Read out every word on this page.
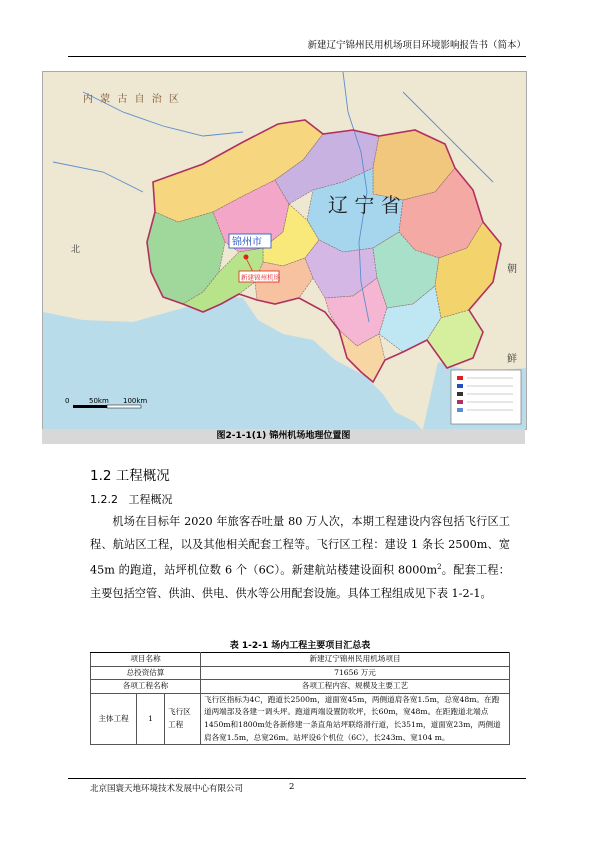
新建辽宁锦州民用机场项目环境影响报告书（简本）
内 蒙 古 自 治 区
辽 宁 省
朝
鲜
北
锦州市
新建锦州机场
0	50km 100km
图2-1-1(1) 锦州机场地理位置图
1.2 工程概况
1.2.2 工程概况
机场在目标年 2020 年旅客吞吐量 80 万人次，本期工程建设内容包括飞行区工程、航站区工程，以及其他相关配套工程等。飞行区工程：建设 1 条长 2500m、宽 45m 的跑道，站坪机位数 6 个（6C）。新建航站楼建设面积 $8000m^2$。配套工程：主要包括空管、供油、供电、供水等公用配套设施。具体工程组成见下表 1-2-1。
表 1-2-1 场内工程主要项目汇总表
项目名称			新建辽宁锦州民用机场项目
总投资估算			71656 万元
各项工程名称			各项工程内容、规模及主要工艺
主体工程	1	飞行区工程	飞行区指标为4C，跑道长2500m，道面宽45m，两侧道肩各宽1.5m，总宽48m。在跑道两端部及各建一调头坪。跑道两端设置防吹坪，长60m，宽48m。在距跑道北端点1450m和1800m处各新修建一条直角站坪联络滑行道，长351m，道面宽23m，两侧道肩各宽1.5m，总宽26m。站坪设6个机位（6C），长243m、宽104 m。
北京国寰天地环境技术发展中心有限公司	2
